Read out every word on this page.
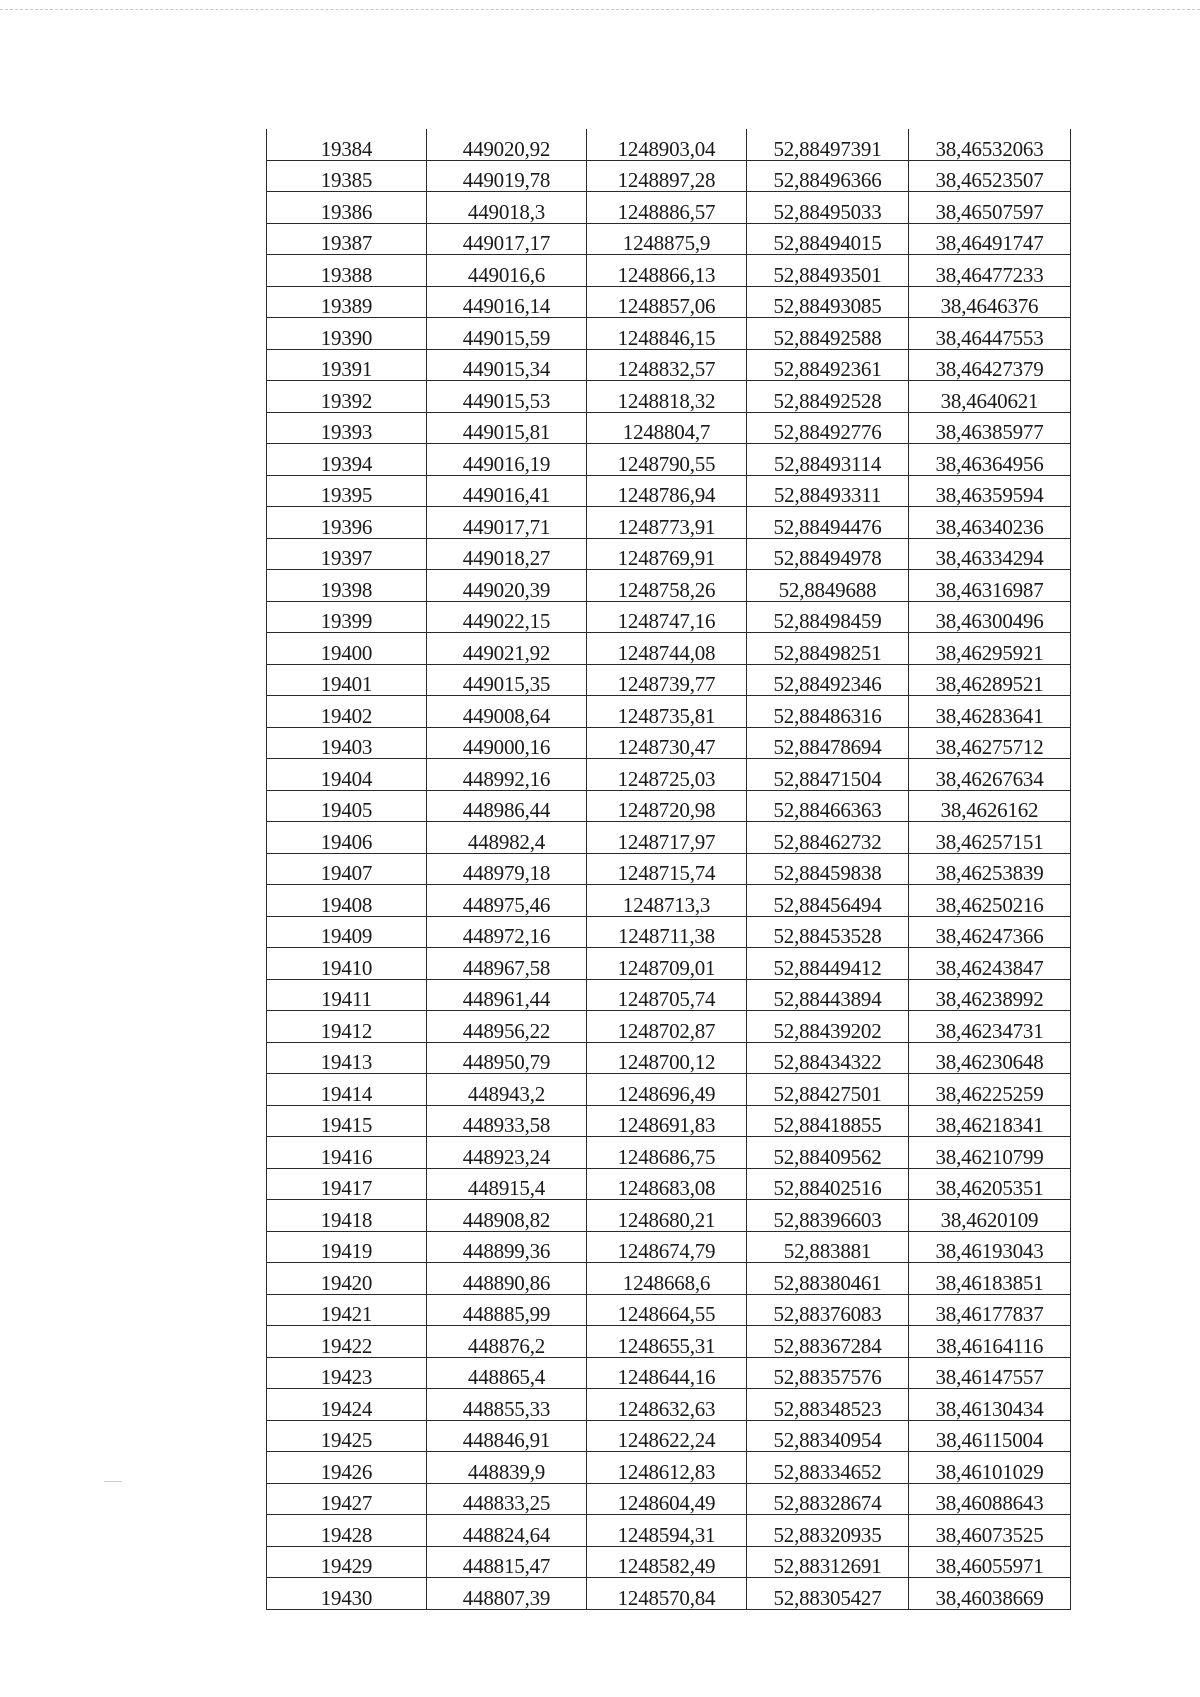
19384	449020,92	1248903,04	52,88497391	38,46532063
19385	449019,78	1248897,28	52,88496366	38,46523507
19386	449018,3	1248886,57	52,88495033	38,46507597
19387	449017,17	1248875,9	52,88494015	38,46491747
19388	449016,6	1248866,13	52,88493501	38,46477233
19389	449016,14	1248857,06	52,88493085	38,4646376
19390	449015,59	1248846,15	52,88492588	38,46447553
19391	449015,34	1248832,57	52,88492361	38,46427379
19392	449015,53	1248818,32	52,88492528	38,4640621
19393	449015,81	1248804,7	52,88492776	38,46385977
19394	449016,19	1248790,55	52,88493114	38,46364956
19395	449016,41	1248786,94	52,88493311	38,46359594
19396	449017,71	1248773,91	52,88494476	38,46340236
19397	449018,27	1248769,91	52,88494978	38,46334294
19398	449020,39	1248758,26	52,8849688	38,46316987
19399	449022,15	1248747,16	52,88498459	38,46300496
19400	449021,92	1248744,08	52,88498251	38,46295921
19401	449015,35	1248739,77	52,88492346	38,46289521
19402	449008,64	1248735,81	52,88486316	38,46283641
19403	449000,16	1248730,47	52,88478694	38,46275712
19404	448992,16	1248725,03	52,88471504	38,46267634
19405	448986,44	1248720,98	52,88466363	38,4626162
19406	448982,4	1248717,97	52,88462732	38,46257151
19407	448979,18	1248715,74	52,88459838	38,46253839
19408	448975,46	1248713,3	52,88456494	38,46250216
19409	448972,16	1248711,38	52,88453528	38,46247366
19410	448967,58	1248709,01	52,88449412	38,46243847
19411	448961,44	1248705,74	52,88443894	38,46238992
19412	448956,22	1248702,87	52,88439202	38,46234731
19413	448950,79	1248700,12	52,88434322	38,46230648
19414	448943,2	1248696,49	52,88427501	38,46225259
19415	448933,58	1248691,83	52,88418855	38,46218341
19416	448923,24	1248686,75	52,88409562	38,46210799
19417	448915,4	1248683,08	52,88402516	38,46205351
19418	448908,82	1248680,21	52,88396603	38,4620109
19419	448899,36	1248674,79	52,883881	38,46193043
19420	448890,86	1248668,6	52,88380461	38,46183851
19421	448885,99	1248664,55	52,88376083	38,46177837
19422	448876,2	1248655,31	52,88367284	38,46164116
19423	448865,4	1248644,16	52,88357576	38,46147557
19424	448855,33	1248632,63	52,88348523	38,46130434
19425	448846,91	1248622,24	52,88340954	38,46115004
19426	448839,9	1248612,83	52,88334652	38,46101029
19427	448833,25	1248604,49	52,88328674	38,46088643
19428	448824,64	1248594,31	52,88320935	38,46073525
19429	448815,47	1248582,49	52,88312691	38,46055971
19430	448807,39	1248570,84	52,88305427	38,46038669
